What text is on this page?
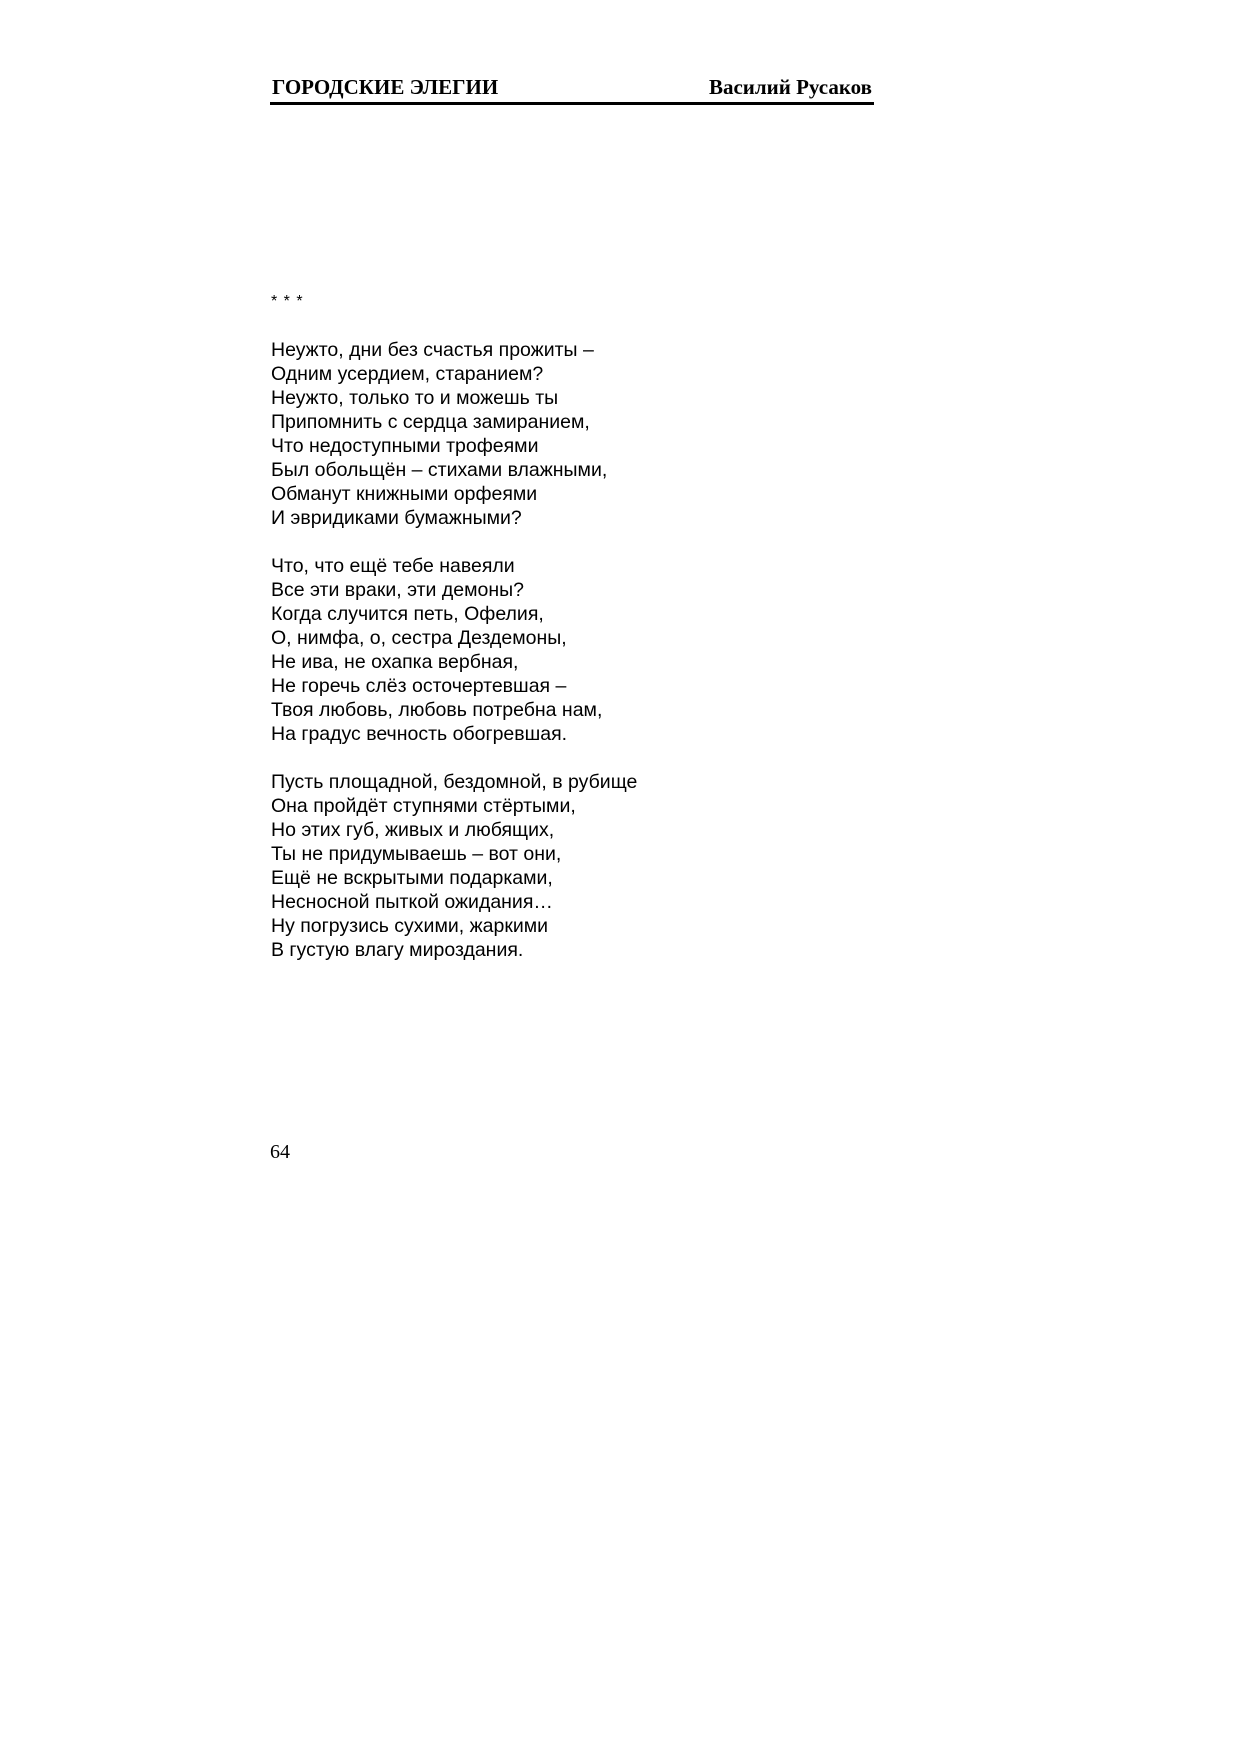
ГОРОДСКИЕ ЭЛЕГИИ	Василий Русаков
* * *
Неужто, дни без счастья прожиты –
Одним усердием, старанием?
Неужто, только то и можешь ты
Припомнить с сердца замиранием,
Что недоступными трофеями
Был обольщён – стихами влажными,
Обманут книжными орфеями
И эвридиками бумажными?
Что, что ещё тебе навеяли
Все эти враки, эти демоны?
Когда случится петь, Офелия,
О, нимфа, о, сестра Дездемоны,
Не ива, не охапка вербная,
Не горечь слёз осточертевшая –
Твоя любовь, любовь потребна нам,
На градус вечность обогревшая.
Пусть площадной, бездомной, в рубище
Она пройдёт ступнями стёртыми,
Но этих губ, живых и любящих,
Ты не придумываешь – вот они,
Ещё не вскрытыми подарками,
Несносной пыткой ожидания…
Ну погрузись сухими, жаркими
В густую влагу мироздания.
64
